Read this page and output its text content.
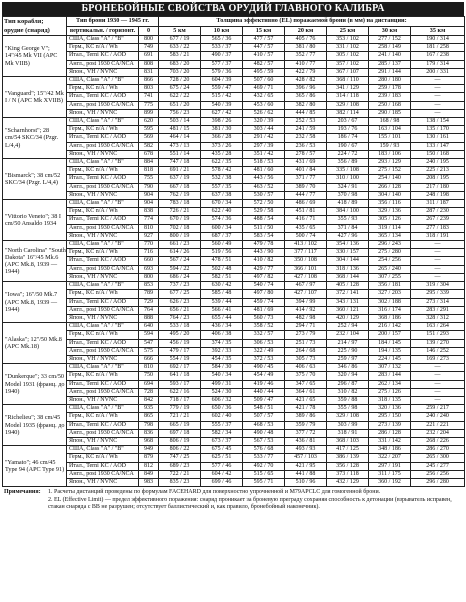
БРОНЕБОЙНЫЕ СВОЙСТВА ОРУДИЙ ГЛАВНОГО КАЛИБРА
Тип корабля;
орудие (снаряд)	Тип брони 1930 — 1945 гг.		Толщина эффективно (EL) поражаемой брони (в мм) на дистанции:						
	вертикальн. / горизонт.	0	5 км	10 км	15 км	20 км	25 км	30 км	35 км
"King George V"; 14"/45 Mk VII (APC Mk VIIB)	США, Class "A" / "B"	800	677 / 19	565 / 36	477 / 57	405 / 76	353 / 102	277 / 152	190 / 314
	Герм., KC n/A / Wh	749	633 / 22	533 / 37	447 / 57	381 / 80	331 / 102	258 / 149	181 / 258
	Итал., Terni KC / AOD	691	583 / 21	490 / 37	410 / 57	352 / 77	305 / 102	241 / 140	167 / 238
	Англ., post 1930 CA/NCA	808	683 / 20	577 / 37	482 / 57	410 / 77	357 / 102	285 / 137	179 / 314
	Япон., VH / NVNC	831	703 / 20	579 / 36	495 / 59	422 / 79	367 / 107	291 / 144	200 / 331
"Vanguard"; 15"/42 Mk I / N (APC Mk XVIIB)	США, Class "A" / "B"	866	728 / 20	604 / 39	507 / 60	428 / 82	368 / 110	280 / 180	—
	Герм., KC n/A / Wh	803	675 / 24	559 / 47	469 / 71	396 / 96	341 / 129	259 / 178	—
	Итал., Terni KC / AOD	741	622 / 22	515 / 42	432 / 65	365 / 86	314 / 118	239 / 183	—
	Англ., post 1930 CA/NCA	775	651 / 20	540 / 39	453 / 60	382 / 80	329 / 108	250 / 168	—
	Япон., VH / NVNC	899	756 / 23	627 / 42	526 / 62	444 / 85	382 / 114	290 / 185	—
"Scharnhorst"; 28 cm/54 SKC/34 (Pzgr. L/4,4)	США, Class "A" / "B"	620	503 / 14	398 / 26	320 / 39	252 / 53	203 / 67	168 / 98	138 / 154
	Герм., KC n/A / Wh	595	481 / 15	381 / 30	303 / 44	241 / 59	193 / 76	163 / 104	135 / 170
	Итал., Terni KC / AOD	569	464 / 14	366 / 28	291 / 42	232 / 58	186 / 74	155 / 101	130 / 161
	Англ., post 1930 CA/NCA	582	473 / 13	373 / 26	297 / 39	236 / 53	190 / 67	159 / 93	133 / 147
	Япон., VH / NVNC	678	551 / 14	435 / 28	351 / 42	278 / 57	224 / 72	183 / 106	150 / 168
"Bismarck"; 38 cm/52 SKC/34 (Pzgr. L/4,4)	США, Class "A" / "B"	884	747 / 18	622 / 35	518 / 53	431 / 69	356 / 89	293 / 129	240 / 195
	Герм., KC n/A / Wh	818	691 / 21	578 / 42	481 / 60	401 / 84	335 / 108	275 / 152	225 / 213
	Итал., Terni KC / AOD	755	637 / 19	532 / 38	443 / 56	371 / 77	310 / 100	254 / 140	208 / 195
	Англ., post 1930 CA/NCA	790	667 / 18	557 / 35	463 / 52	389 / 70	324 / 91	266 / 128	217 / 180
	Япон., VH / NVNC	904	762 / 19	637 / 38	530 / 57	444 / 77	370 / 98	304 / 140	248 / 198
"Vittorio Veneto"; 38 I cm/50 Ansaldo 1934	США, Class "A" / "B"	904	783 / 18	670 / 34	572 / 50	486 / 69	418 / 89	356 / 116	311 / 187
	Герм., KC n/A / Wh	838	726 / 21	622 / 40	529 / 58	451 / 81	384 / 100	329 / 136	287 / 230
	Итал., Terni KC / AOD	774	670 / 19	574 / 36	488 / 54	416 / 71	355 / 93	305 / 126	267 / 239
	Англ., post 1930 CA/NCA	810	702 / 18	600 / 34	511 / 50	435 / 65	371 / 84	319 / 114	277 / 183
	Япон., VH / NVNC	927	800 / 19	687 / 37	583 / 54	500 / 74	427 / 96	365 / 134	318 / 191
"North Carolina" "South Dakota" 16"/45 Mk.6 (APC Mk.8, 1939 — 1944)	США, Class "A" / "B"	770	661 / 23	560 / 49	479 / 78	413 / 102	354 / 136	296 / 243	—
	Герм., KC n/A / Wh	716	614 / 26	519 / 56	443 / 90	377 / 117	330 / 157	275 / 280	—
	Итал., Terni KC / AOD	660	567 / 24	478 / 51	410 / 82	350 / 108	304 / 144	254 / 256	—
	Англ., post 1930 CA/NCA	693	594 / 22	502 / 48	429 / 77	366 / 101	318 / 136	265 / 240	—
	Япон., VH / NVNC	800	686 / 24	582 / 51	497 / 82	427 / 108	368 / 144	307 / 255	—
"Iowa"; 16"/50 Mk.7 (APC Mk.8, 1939 — 1944)	США, Class "A" / "B"	853	737 / 23	630 / 42	540 / 74	467 / 97	405 / 128	356 / 181	319 / 304
	Герм., KC n/A / Wh	789	677 / 25	585 / 48	497 / 80	427 / 107	372 / 141	327 / 203	295 / 339
	Итал., Terni KC / AOD	729	626 / 23	539 / 44	459 / 74	394 / 99	343 / 131	302 / 188	273 / 314
	Англ., post 1930 CA/NCA	764	656 / 21	566 / 41	481 / 69	414 / 92	360 / 121	316 / 174	283 / 291
	Япон., VH / NVNC	888	764 / 23	655 / 44	560 / 73	482 / 98	420 / 129	368 / 186	328 / 312
"Alaska"; 12"/50 Mk.8 (APC Mk.18)	США, Class "A" / "B"	640	533 / 18	436 / 34	358 / 52	294 / 71	252 / 94	216 / 142	163 / 264
	Герм., KC n/A / Wh	594	495 / 20	406 / 38	332 / 57	273 / 79	232 / 104	200 / 157	151 / 293
	Итал., Terni KC / AOD	547	456 / 19	374 / 35	306 / 53	251 / 73	214 / 97	184 / 145	139 / 270
	Англ., post 1930 CA/NCA	575	479 / 17	392 / 33	322 / 49	264 / 68	225 / 90	194 / 135	146 / 252
	Япон., VH / NVNC	666	554 / 19	454 / 35	372 / 53	305 / 73	259 / 97	224 / 145	169 / 273
"Dunkerque"; 33 cm/50 Model 1931 (франц. до 1940)	США, Class "A" / "B"	810	692 / 17	584 / 30	490 / 45	406 / 63	346 / 86	307 / 132	—
	Герм., KC n/A / Wh	750	641 / 18	540 / 34	454 / 49	375 / 70	320 / 94	283 / 144	—
	Итал., Terni KC / AOD	694	593 / 17	499 / 31	419 / 46	347 / 65	296 / 87	262 / 134	—
	Англ., post 1930 CA/NCA	728	622 / 16	524 / 30	440 / 44	364 / 61	310 / 82	275 / 126	—
	Япон., VH / NVNC	842	718 / 17	606 / 32	509 / 47	421 / 65	359 / 88	318 / 135	—
"Richelieu"; 38 cm/45 Model 1935 (франц. до 1940)	США, Class "A" / "B"	935	779 / 19	650 / 36	548 / 51	421 / 78	355 / 98	320 / 136	259 / 217
	Герм., KC n/A / Wh	865	721 / 21	602 / 40	507 / 57	389 / 86	329 / 108	295 / 150	240 / 240
	Итал., Terni KC / AOD	798	665 / 19	555 / 37	468 / 53	359 / 79	303 / 99	273 / 139	221 / 221
	Англ., post 1930 CA/NCA	836	697 / 18	582 / 34	490 / 48	377 / 72	318 / 91	286 / 128	232 / 204
	Япон., VH / NVNC	968	806 / 19	673 / 37	567 / 53	436 / 81	368 / 103	331 / 142	268 / 226
"Yamato"; 46 cm/45 Type 94 (APC Type 91)	США, Class "A" / "B"	949	806 / 22	675 / 45	576 / 68	493 / 93	417 / 125	348 / 186	286 / 270
	Герм., KC n/A / Wh	879	747 / 25	625 / 51	533 / 77	457 / 103	386 / 139	322 / 207	265 / 300
	Итал., Terni KC / AOD	812	689 / 23	577 / 46	492 / 70	421 / 95	356 / 128	297 / 191	245 / 277
	Англ., post 1930 CA/NCA	849	722 / 21	604 / 42	515 / 65	441 / 88	373 / 118	311 / 175	256 / 256
	Япон., VH / NVNC	983	835 / 23	699 / 46	595 / 71	510 / 96	432 / 129	360 / 192	296 / 280
Примечания:	1. Расчеты дистанций проведены по формулам FACEHARD для поверхностно упрочненной и M79APCLC для гомогенной брони.
2. EL (Effective Limit) — предел эффективного поражения: снаряд проникает за броневую преграду сохраняя способность к детонации (взрыватель исправен, стакан снаряда с ВВ не разрушен; отсутствует баллистический и, как правило, бронебойный наконечник).
